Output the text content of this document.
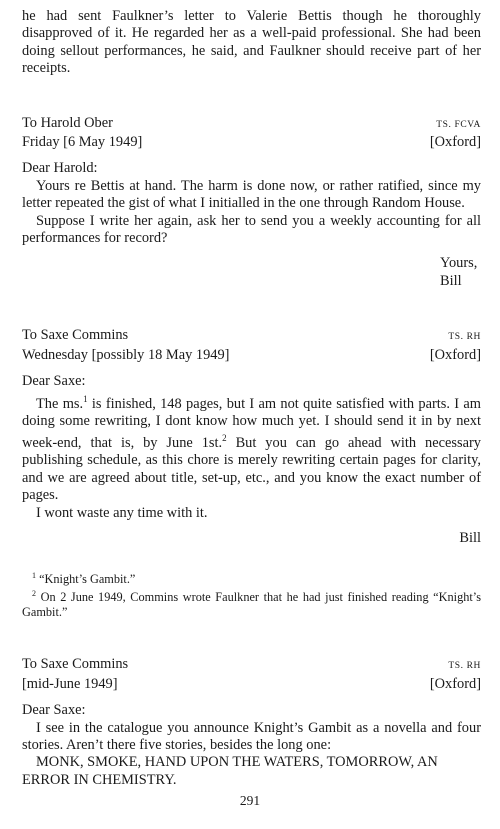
he had sent Faulkner’s letter to Valerie Bettis though he thoroughly disapproved of it. He regarded her as a well-paid professional. She had been doing sellout performances, he said, and Faulkner should receive part of her receipts.

To Harold Ober	TS. FCVA
Friday [6 May 1949]	[Oxford]

Dear Harold:

Yours re Bettis at hand. The harm is done now, or rather ratified, since my letter repeated the gist of what I initialled in the one through Random House.

Suppose I write her again, ask her to send you a weekly accounting for all performances for record?

Yours,

Bill

To Saxe Commins	TS. RH
Wednesday [possibly 18 May 1949]	[Oxford]

Dear Saxe:

The ms.$^1$ is finished, 148 pages, but I am not quite satisfied with parts. I am doing some rewriting, I dont know how much yet. I should send it in by next week-end, that is, by June 1st.$^2$ But you can go ahead with necessary publishing schedule, as this chore is merely rewriting certain pages for clarity, and we are agreed about title, set-up, etc., and you know the exact number of pages.

I wont waste any time with it.

Bill

$^1$ “Knight’s Gambit.”

$^2$ On 2 June 1949, Commins wrote Faulkner that he had just finished reading “Knight’s Gambit.”

To Saxe Commins	TS. RH
[mid-June 1949]	[Oxford]

Dear Saxe:

I see in the catalogue you announce Knight’s Gambit as a novella and four stories. Aren’t there five stories, besides the long one:

MONK, SMOKE, HAND UPON THE WATERS, TOMORROW, AN ERROR IN CHEMISTRY.

291
